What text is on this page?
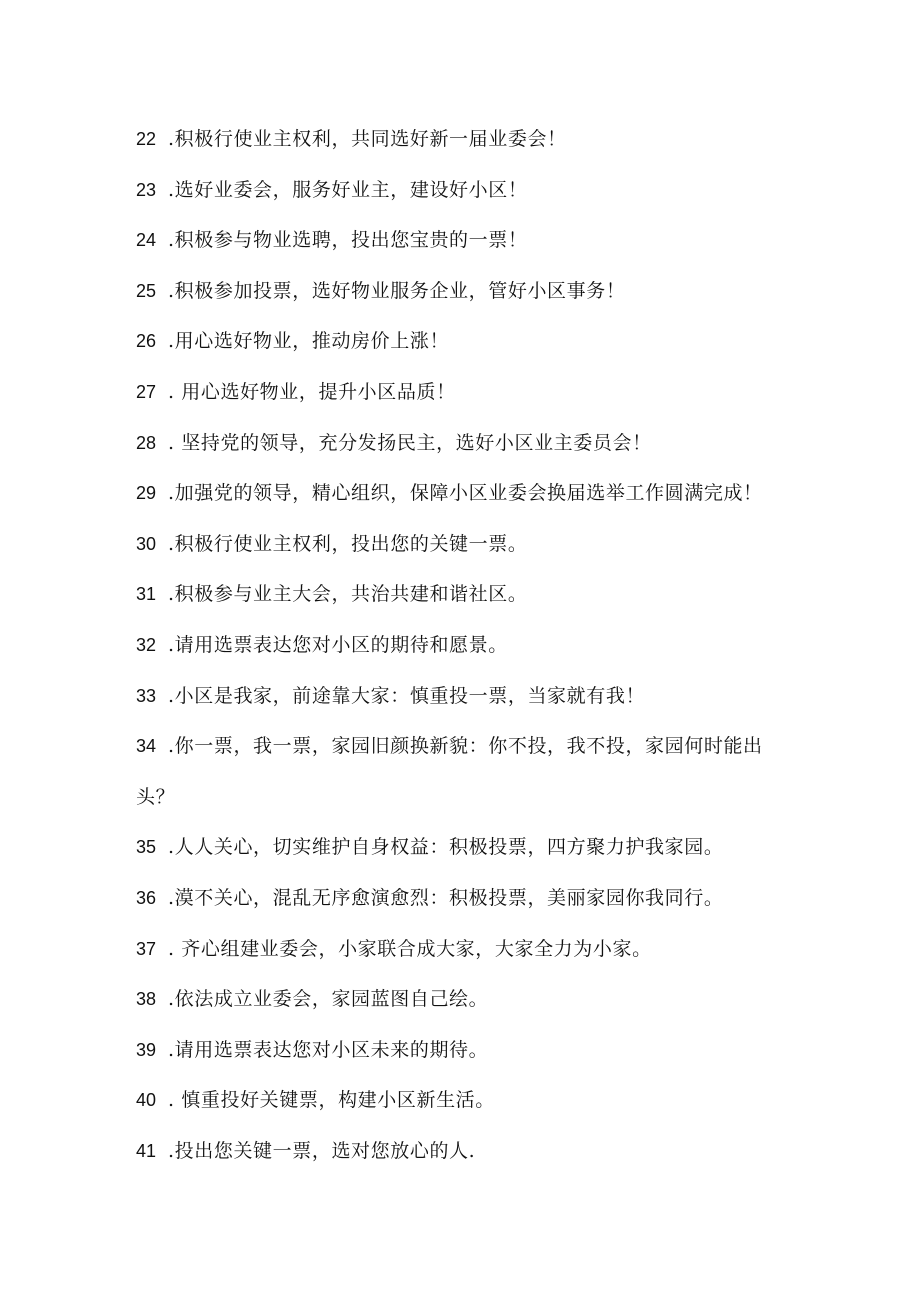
22 .积极行使业主权利，共同选好新一届业委会！
23 .选好业委会，服务好业主，建设好小区！
24 .积极参与物业选聘，投出您宝贵的一票！
25 .积极参加投票，选好物业服务企业，管好小区事务！
26 .用心选好物业，推动房价上涨！
27 . 用心选好物业，提升小区品质！
28 . 坚持党的领导，充分发扬民主，选好小区业主委员会！
29 .加强党的领导，精心组织，保障小区业委会换届选举工作圆满完成！
30 .积极行使业主权利，投出您的关键一票。
31 .积极参与业主大会，共治共建和谐社区。
32 .请用选票表达您对小区的期待和愿景。
33 .小区是我家，前途靠大家：慎重投一票，当家就有我！
34 .你一票，我一票，家园旧颜换新貌：你不投，我不投，家园何时能出
头？
35 .人人关心，切实维护自身权益：积极投票，四方聚力护我家园。
36 .漠不关心，混乱无序愈演愈烈：积极投票，美丽家园你我同行。
37 . 齐心组建业委会，小家联合成大家，大家全力为小家。
38 .依法成立业委会，家园蓝图自己绘。
39 .请用选票表达您对小区未来的期待。
40 . 慎重投好关键票，构建小区新生活。
41 .投出您关键一票，选对您放心的人.
